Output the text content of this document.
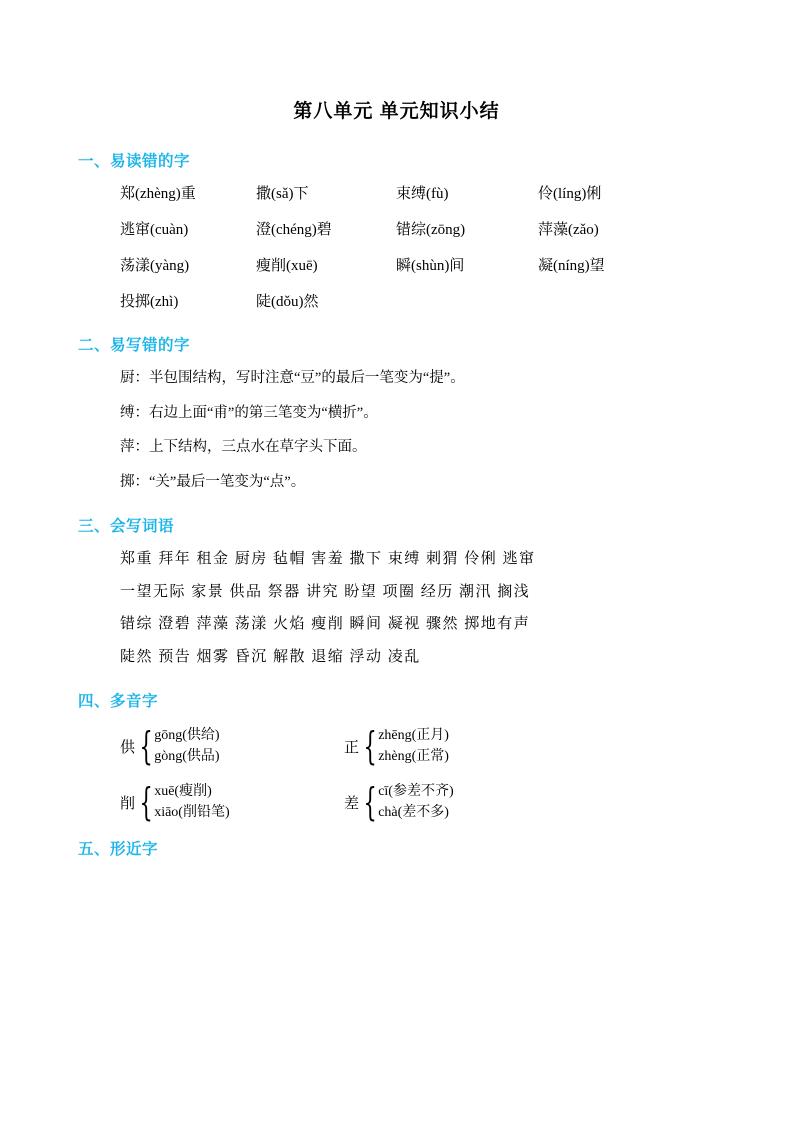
第八单元 单元知识小结
一、易读错的字
郑(zhèng)重	撒(sǎ)下	束缚(fù)	伶(líng)俐
逃窜(cuàn)	澄(chéng)碧	错综(zōng)	萍藻(zǎo)
荡漾(yàng)	瘦削(xuē)	瞬(shùn)间	凝(níng)望
投掷(zhì)	陡(dǒu)然
二、易写错的字
厨：半包围结构，写时注意“豆”的最后一笔变为“提”。
缚：右边上面“甫”的第三笔变为“横折”。
萍：上下结构，三点水在草字头下面。
掷：“关”最后一笔变为“点”。
三、会写词语
郑重 拜年 租金 厨房 毡帽 害羞 撒下 束缚 刺猬 伶俐 逃窜
一望无际 家景 供品 祭器 讲究 盼望 项圈 经历 潮汛 搁浅
错综 澄碧 萍藻 荡漾 火焰 瘦削 瞬间 凝视 骤然 掷地有声
陡然 预告 烟雾 昏沉 解散 退缩 浮动 凌乱
四、多音字
供 { gōng(供给)
gòng(供品)
正 { zhēng(正月)
zhèng(正常)
削 { xuē(瘦削)
xiāo(削铅笔)
差 { cī(参差不齐)
chà(差不多)
五、形近字
